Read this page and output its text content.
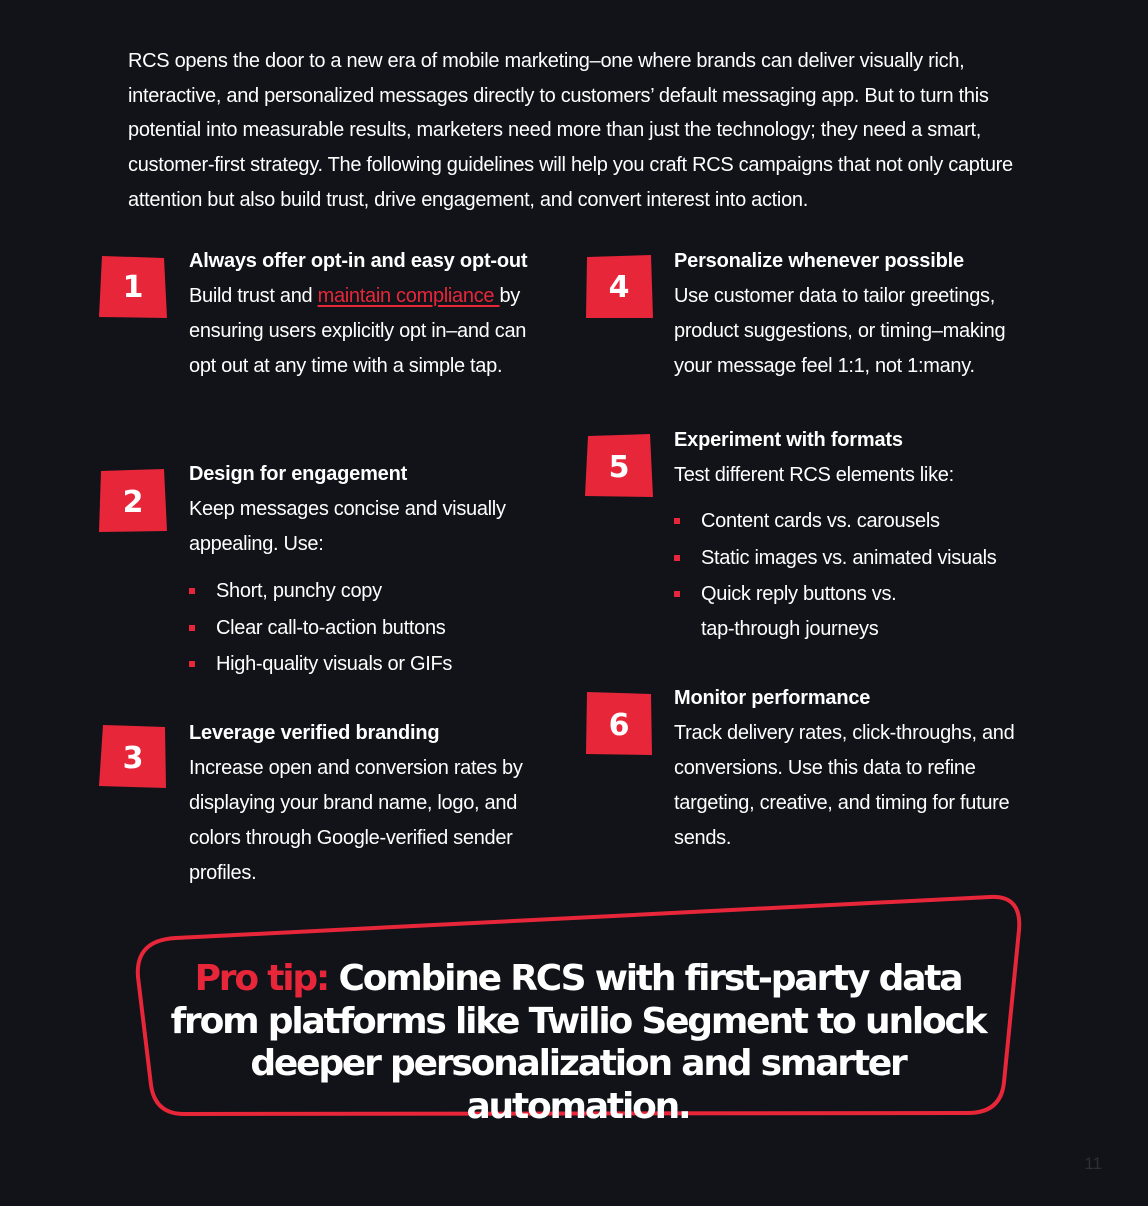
RCS opens the door to a new era of mobile marketing–one where brands can deliver visually rich, interactive, and personalized messages directly to customers’ default messaging app. But to turn this potential into measurable results, marketers need more than just the technology; they need a smart, customer-first strategy. The following guidelines will help you craft RCS campaigns that not only capture attention but also build trust, drive engagement, and convert interest into action.

1
Always offer opt-in and easy opt-out
Build trust and maintain compliance by ensuring users explicitly opt in–and can opt out at any time with a simple tap.
2
Design for engagement
Keep messages concise and visually appealing. Use:
Short, punchy copy
Clear call-to-action buttons
High-quality visuals or GIFs
3
Leverage verified branding
Increase open and conversion rates by displaying your brand name, logo, and colors through Google-verified sender profiles.
4
Personalize whenever possible
Use customer data to tailor greetings, product suggestions, or timing–making your message feel 1:1, not 1:many.
5
Experiment with formats
Test different RCS elements like:
Content cards vs. carousels
Static images vs. animated visuals
Quick reply buttons vs. tap-through journeys
6
Monitor performance
Track delivery rates, click-throughs, and conversions. Use this data to refine targeting, creative, and timing for future sends.
Pro tip: Combine RCS with first-party data from platforms like Twilio Segment to unlock deeper personalization and smarter automation.
11
